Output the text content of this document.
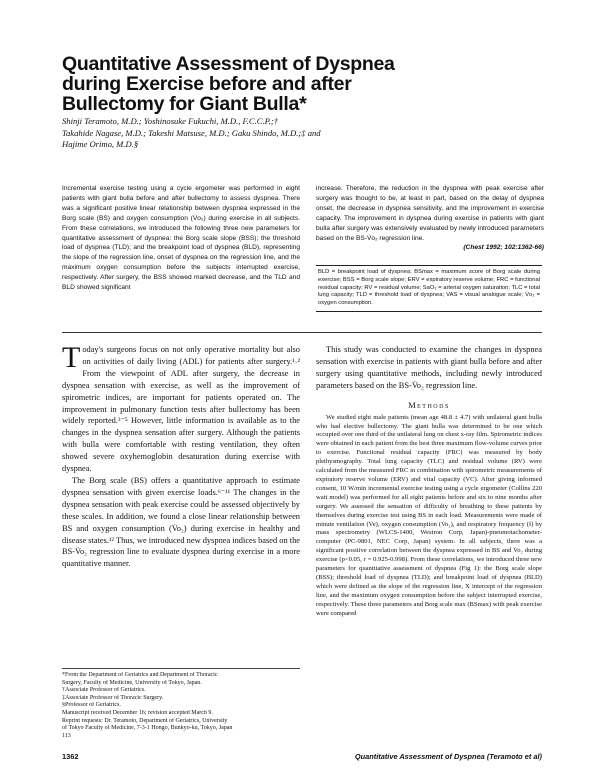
Quantitative Assessment of Dyspnea
during Exercise before and after
Bullectomy for Giant Bulla*
Shinji Teramoto, M.D.; Yoshinosuke Fukuchi, M.D., F.C.C.P.;†
Takahide Nagase, M.D.; Takeshi Matsuse, M.D.; Gaku Shindo, M.D.;‡ and
Hajime Orimo, M.D.§
Incremental exercise testing using a cycle ergometer was performed in eight patients with giant bulla before and after bullectomy to assess dyspnea. There was a significant positive linear relationship between dyspnea expressed in the Borg scale (BS) and oxygen consumption (V̇o₂) during exercise in all subjects. From these correlations, we introduced the following three new parameters for quantitative assessment of dyspnea: the Borg scale slope (BSS); the threshold load of dyspnea (TLD); and the breakpoint load of dyspnea (BLD), representing the slope of the regression line, onset of dyspnea on the regression line, and the maximum oxygen consumption before the subjects interrupted exercise, respectively. After surgery, the BSS showed marked decrease, and the TLD and BLD showed significant
increase. Therefore, the reduction in the dyspnea with peak exercise after surgery was thought to be, at least in part, based on the delay of dyspnea onset, the decrease in dyspnea sensitivity, and the improvement in exercise capacity. The improvement in dyspnea during exercise in patients with giant bulla after surgery was extensively evaluated by newly introduced parameters based on the BS-V̇o₂ regression line.
(Chest 1992; 102:1362-66)
BLD = breakpoint load of dyspnea; BSmax = maximum score of Borg scale during exercise; BSS = Borg scale slope; ERV = expiratory reserve volume; FRC = functional residual capacity; RV = residual volume; SaO₂ = arterial oxygen saturation; TLC = total lung capacity; TLD = threshold load of dyspnea; VAS = visual analogue scale; V̇o₂ = oxygen consumption.

Today's surgeons focus on not only operative mortality but also on activities of daily living (ADL) for patients after surgery.¹˒² From the viewpoint of ADL after surgery, the decrease in dyspnea sensation with exercise, as well as the improvement of spirometric indices, are important for patients operated on. The improvement in pulmonary function tests after bullectomy has been widely reported.³⁻⁵ However, little information is available as to the changes in the dyspnea sensation after surgery. Although the patients with bulla were comfortable with resting ventilation, they often showed severe oxyhemoglobin desaturation during exercise with dyspnea.

The Borg scale (BS) offers a quantitative approach to estimate dyspnea sensation with given exercise loads.⁶⁻¹¹ The changes in the dyspnea sensation with peak exercise could be assessed objectively by these scales. In addition, we found a close linear relationship between BS and oxygen consumption (V̇o₂) during exercise in healthy and disease states.¹² Thus, we introduced new dyspnea indices based on the BS-V̇o₂ regression line to evaluate dyspnea during exercise in a more quantitative manner.

*From the Department of Geriatrics and Department of Thoracic
Surgery, Faculty of Medicine, University of Tokyo, Japan.
†Associate Professor of Geriatrics.
‡Associate Professor of Thoracic Surgery.
§Professor of Geriatrics.
Manuscript received December 16; revision accepted March 9.
Reprint requests: Dr. Teramoto, Department of Geriatrics, University
of Tokyo Faculty of Medicine, 7-3-1 Hongo, Bunkyo-ku, Tokyo, Japan
113

This study was conducted to examine the changes in dyspnea sensation with exercise in patients with giant bulla before and after surgery using quantitative methods, including newly introduced parameters based on the BS-V̇o₂ regression line.

Methods

We studied eight male patients (mean age 48.8 ± 4.7) with unilateral giant bulla who had elective bullectomy. The giant bulla was determined to be one which occupied over one third of the unilateral lung on chest x-ray film. Spirometric indices were obtained in each patient from the best three maximum flow-volume curves prior to exercise. Functional residual capacity (FRC) was measured by body plethysmography. Total lung capacity (TLC) and residual volume (RV) were calculated from the measured FRC in combination with spirometric measurements of expiratory reserve volume (ERV) and vital capacity (VC). After giving informed consent, 10 W/min incremental exercise testing using a cycle ergometer (Collins 220 watt model) was performed for all eight patients before and six to nine months after surgery. We assessed the sensation of difficulty of breathing to these patients by themselves during exercise test using BS in each load. Measurements were made of minute ventilation (V̇e), oxygen consumption (V̇o₂), and respiratory frequency (f) by mass spectrometry (WLCS-1400, Westron Corp, Japan)-pneumotachometer-computer (PC-9801, NEC Corp, Japan) system. In all subjects, there was a significant positive correlation between the dyspnea expressed in BS and V̇o₂ during exercise (p<0.05, r = 0.925-0.998). From these correlations, we introduced three new parameters for quantitative assessment of dyspnea (Fig 1): the Borg scale slope (BSS); threshold load of dyspnea (TLD); and breakpoint load of dyspnea (BLD) which were defined as the slope of the regression line, X intercept of the regression line, and the maximum oxygen consumption before the subject interrupted exercise, respectively. These three parameters and Borg scale max (BSmax) with peak exercise were compared

1362	Quantitative Assessment of Dyspnea (Teramoto et al)
